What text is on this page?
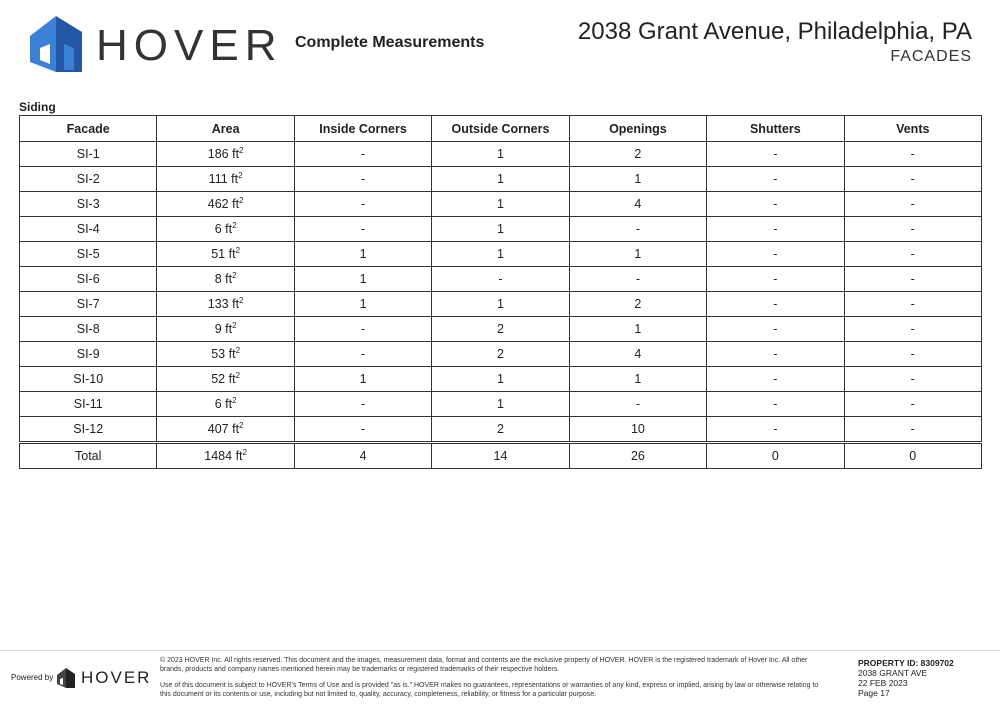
HOVER Complete Measurements	2038 Grant Avenue, Philadelphia, PA
FACADES
Siding
Facade	Area	Inside Corners	Outside Corners	Openings	Shutters	Vents
SI-1	186 $ft^2$	-	1	2	-	-
SI-2	111 $ft^2$	-	1	1	-	-
SI-3	462 $ft^2$	-	1	4	-	-
SI-4	6 $ft^2$	-	1	-	-	-
SI-5	51 $ft^2$	1	1	1	-	-
SI-6	8 $ft^2$	1	-	-	-	-
SI-7	133 $ft^2$	1	1	2	-	-
SI-8	9 $ft^2$	-	2	1	-	-
SI-9	53 $ft^2$	-	2	4	-	-
SI-10	52 $ft^2$	1	1	1	-	-
SI-11	6 $ft^2$	-	1	-	-	-
SI-12	407 $ft^2$	-	2	10	-	-
Total	1484 $ft^2$	4	14	26	0	0
Powered by HOVER

© 2023 HOVER Inc. All rights reserved. This document and the images, measurement data, format and contents are the exclusive property of HOVER. HOVER is the registered trademark of Hover Inc. All other brands, products and company names mentioned herein may be trademarks or registered trademarks of their respective holders.

Use of this document is subject to HOVER's Terms of Use and is provided "as is." HOVER makes no guarantees, representations or warranties of any kind, express or implied, arising by law or otherwise relating to this document or its contents or use, including but not limited to, quality, accuracy, completeness, reliability, or fitness for a particular purpose.

PROPERTY ID: 8309702
2038 GRANT AVE
22 FEB 2023
Page 17
